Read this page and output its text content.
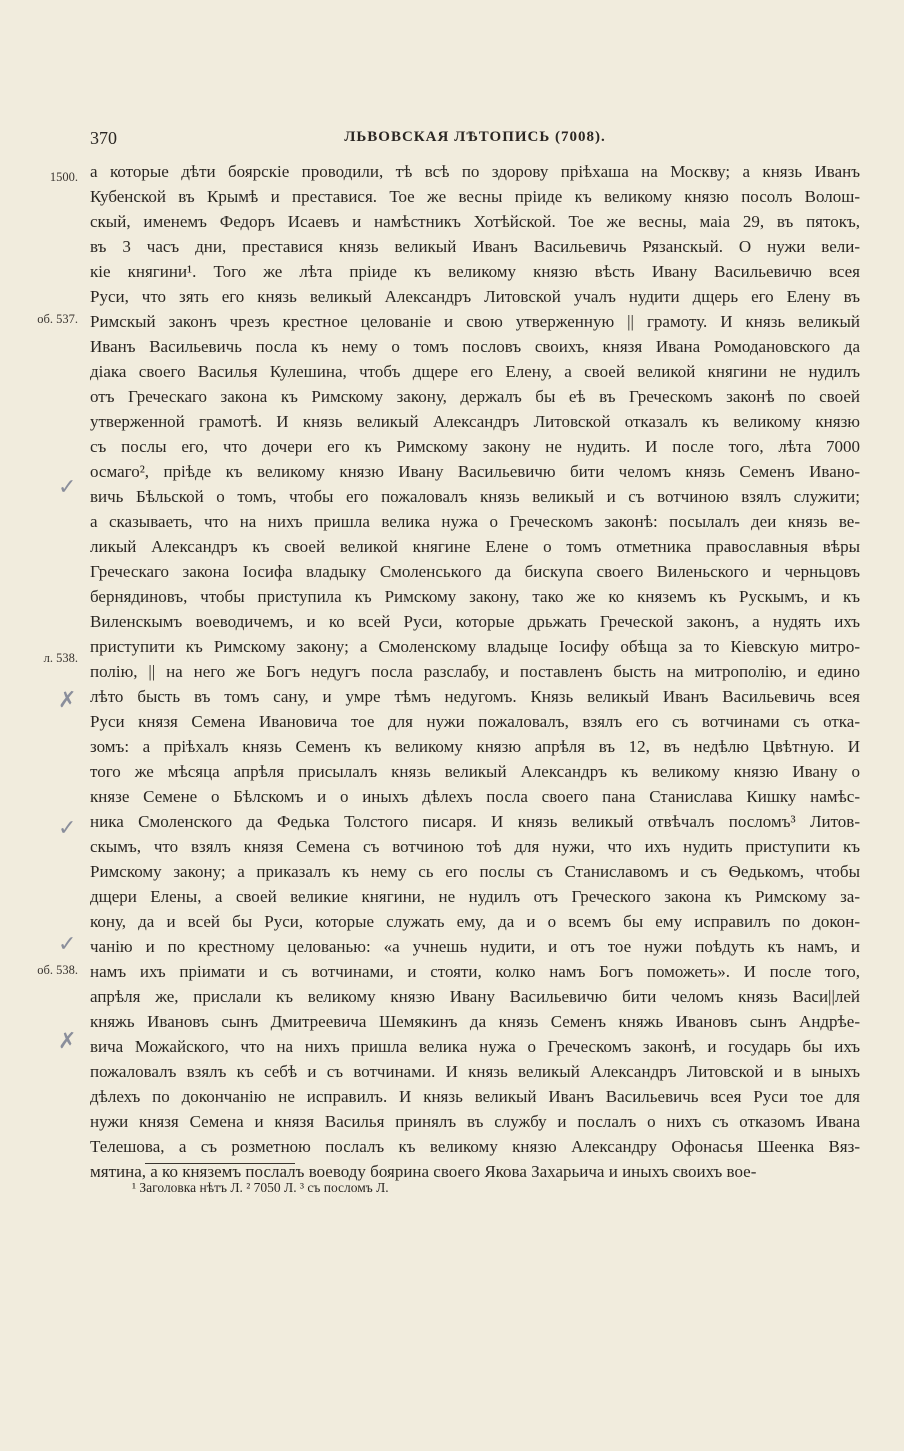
370	ЛЬВОВСКАЯ ЛѢТОПИСЬ (7008).
1500.
об. 537.
л. 538.
об. 538.
✓
✗
✓
✓
✗
а которые дѣти боярскіе проводили, тѣ всѣ по здорову пріѣхаша на Москву; а князь Иванъ
Кубенской въ Крымѣ и преставися. Тое же весны пріиде къ великому князю посолъ Волош-
скый, именемъ Федоръ Исаевъ и намѣстникъ Хотѣйской. Тое же весны, маіа 29, въ пятокъ,
въ 3 часъ дни, преставися князь великый Иванъ Васильевичь Рязанскый. О нужи вели-
кіе княгини¹. Того же лѣта пріиде къ великому князю вѣсть Ивану Васильевичю всея
Руси, что зять его князь великый Александръ Литовской учалъ нудити дщерь его Елену въ
Римскый законъ чрезъ крестное целованіе и свою утверженную || грамоту. И князь великый
Иванъ Васильевичь посла къ нему о томъ пословъ своихъ, князя Ивана Ромодановского да
діака своего Василья Кулешина, чтобъ дщере его Елену, а своей великой княгини не нудилъ
отъ Греческаго закона къ Римскому закону, держалъ бы еѣ въ Греческомъ законѣ по своей
утверженной грамотѣ. И князь великый Александръ Литовской отказалъ къ великому князю
съ послы его, что дочери его къ Римскому закону не нудить. И после того, лѣта 7000
осмаго², пріѣде къ великому князю Ивану Васильевичю бити челомъ князь Семенъ Ивано-
вичь Бѣльской о томъ, чтобы его пожаловалъ князь великый и съ вотчиною взялъ служити;
а сказываеть, что на нихъ пришла велика нужа о Греческомъ законѣ: посылалъ деи князь ве-
ликый Александръ къ своей великой княгине Елене о томъ отметника православныя вѣры
Греческаго закона Іосифа владыку Смоленського да бискупа своего Виленьского и черньцовъ
бернядиновъ, чтобы приступила къ Римскому закону, тако же ко княземъ къ Рускымъ, и къ
Виленскымъ воеводичемъ, и ко всей Руси, которые дрьжать Греческой законъ, а нудять ихъ
приступити къ Римскому закону; а Смоленскому владыце Іосифу обѣща за то Кіевскую митро-
полію, || на него же Богъ недугъ посла разслабу, и поставленъ бысть на митрополію, и едино
лѣто бысть въ томъ сану, и умре тѣмъ недугомъ. Князь великый Иванъ Васильевичь всея
Руси князя Семена Ивановича тое для нужи пожаловалъ, взялъ его съ вотчинами съ отка-
зомъ: а пріѣхалъ князь Семенъ къ великому князю апрѣля въ 12, въ недѣлю Цвѣтную. И
того же мѣсяца апрѣля присылалъ князь великый Александръ къ великому князю Ивану о
князе Семене о Бѣлскомъ и о иныхъ дѣлехъ посла своего пана Станислава Кишку намѣс-
ника Смоленского да Федька Толстого писаря. И князь великый отвѣчалъ посломъ³ Литов-
скымъ, что взялъ князя Семена съ вотчиною тоѣ для нужи, что ихъ нудить приступити къ
Римскому закону; а приказалъ къ нему сь его послы съ Станиславомъ и съ Ѳедькомъ, чтобы
дщери Елены, а своей великие княгини, не нудилъ отъ Греческого закона къ Римскому за-
кону, да и всей бы Руси, которые служать ему, да и о всемъ бы ему исправилъ по докон-
чанію и по крестному целованью: «а учнешь нудити, и отъ тое нужи поѣдуть къ намъ, и
намъ ихъ пріимати и съ вотчинами, и стояти, колко намъ Богъ поможеть». И после того,
апрѣля же, прислали къ великому князю Ивану Васильевичю бити челомъ князь Васи||лей
княжь Ивановъ сынъ Дмитреевича Шемякинъ да князь Семенъ княжь Ивановъ сынъ Андрѣе-
вича Можайского, что на нихъ пришла велика нужа о Греческомъ законѣ, и государь бы ихъ
пожаловалъ взялъ къ себѣ и съ вотчинами. И князь великый Александръ Литовской и в ыныхъ
дѣлехъ по докончанію не исправилъ. И князь великый Иванъ Васильевичь всея Руси тое для
нужи князя Семена и князя Василья принялъ въ службу и послалъ о нихъ съ отказомъ Ивана
Телешова, а съ розметною послалъ къ великому князю Александру Офонасья Шеенка Вяз-
мятина, а ко княземъ послалъ воеводу боярина своего Якова Захарьича и иныхъ своихъ вое-
¹ Заголовка нѣтъ Л. ² 7050 Л. ³ съ посломъ Л.
